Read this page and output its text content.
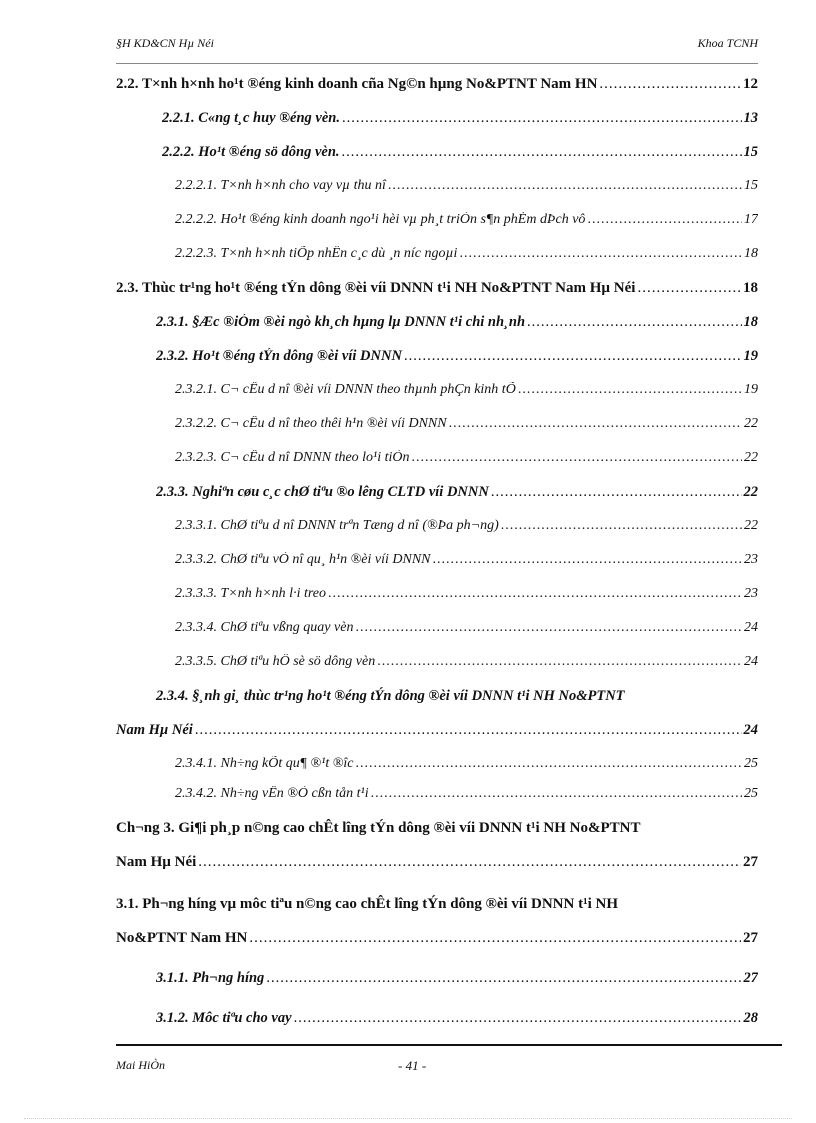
§H KD&CN Hµ Néi	Khoa TCNH
2.2. T×nh h×nh ho¹t ®éng kinh doanh cña Ng©n hµng No&PTNT Nam HN .....	12
2.2.1. C«ng t¸c huy ®éng vèn. .....	13
2.2.2. Ho¹t ®éng sö dông vèn. .....	15
2.2.2.1. T×nh h×nh cho vay vµ thu nî .....	15
2.2.2.2. Ho¹t ®éng kinh doanh ngo¹i hèi vµ ph¸t triÓn s¶n phÈm dÞch vô .....	17
2.2.2.3. T×nh h×nh tiÕp nhËn c¸c dù ¸n níc ngoµi .....	18
2.3. Thùc tr¹ng ho¹t ®éng tÝn dông ®èi víi DNNN t¹i NH No&PTNT Nam Hµ Néi .....	18
2.3.1. §Æc ®iÓm ®èi ngò kh¸ch hµng lµ DNNN t¹i chi nh¸nh .....	18
2.3.2. Ho¹t ®éng tÝn dông ®èi víi DNNN .....	19
2.3.2.1. C¬ cÊu d nî ®èi víi DNNN theo thµnh phÇn kinh tÕ .....	19
2.3.2.2. C¬ cÊu d nî theo thêi h¹n ®èi víi DNNN .....	22
2.3.2.3. C¬ cÊu d nî DNNN theo lo¹i tiÒn .....	22
2.3.3. Nghiªn cøu c¸c chØ tiªu ®o lêng CLTD víi DNNN .....	22
2.3.3.1. ChØ tiªu d nî DNNN trªn Tæng d nî (®Þa ph¬ng) .....	22
2.3.3.2. ChØ tiªu vÒ nî qu¸ h¹n ®èi víi DNNN .....	23
2.3.3.3. T×nh h×nh l·i treo .....	23
2.3.3.4. ChØ tiªu vßng quay vèn .....	24
2.3.3.5. ChØ tiªu hÖ sè sö dông vèn .....	24
2.3.4. §¸nh gi¸ thùc tr¹ng ho¹t ®éng tÝn dông ®èi víi DNNN t¹i NH No&PTNT
Nam Hµ Néi .....	24
2.3.4.1. Nh÷ng kÕt qu¶ ®¹t ®îc .....	25
2.3.4.2. Nh÷ng vÊn ®Ò cßn tån t¹i .....	25
Ch¬ng 3. Gi¶i ph¸p n©ng cao chÊt lîng tÝn dông ®èi víi DNNN t¹i NH No&PTNT
Nam Hµ Néi .....	27
3.1. Ph¬ng híng vµ môc tiªu n©ng cao chÊt lîng tÝn dông ®èi víi DNNN t¹i NH
No&PTNT Nam HN .....	27
3.1.1. Ph¬ng híng .....	27
3.1.2. Môc tiªu cho vay .....	28
Mai HiÒn	- 41 -
